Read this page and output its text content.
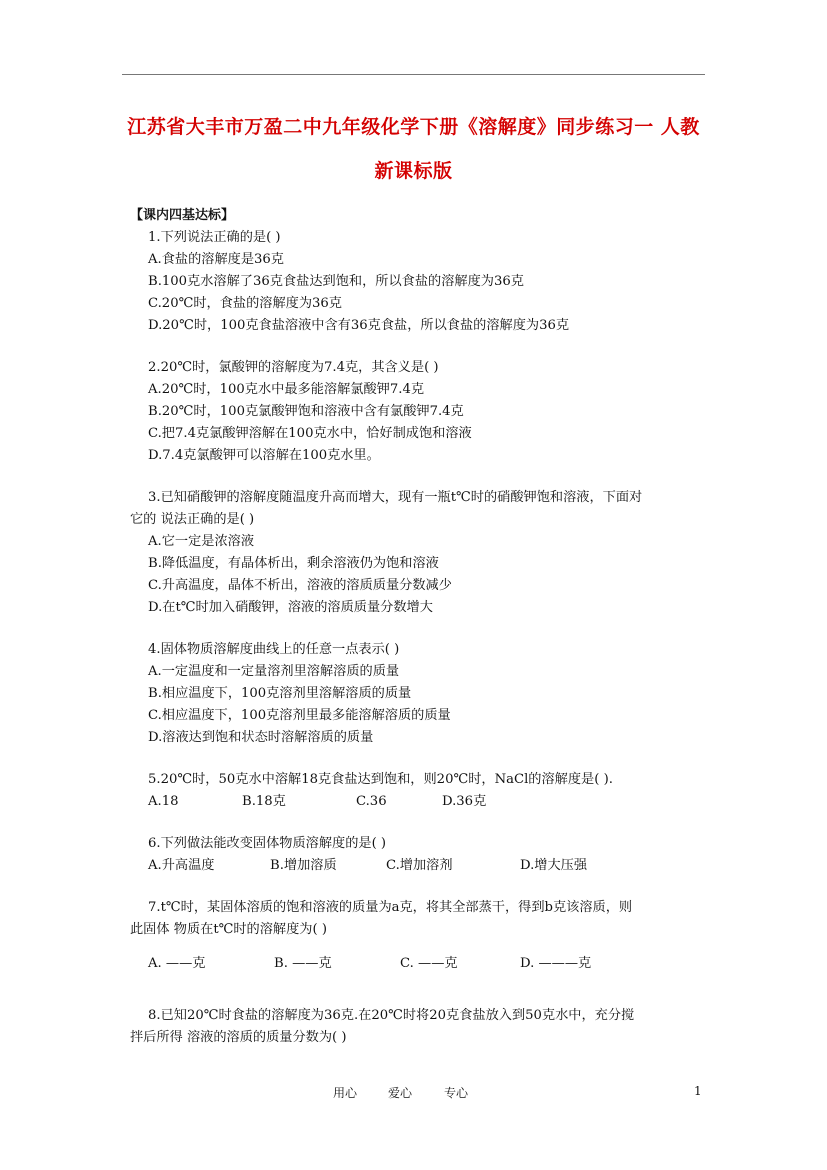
江苏省大丰市万盈二中九年级化学下册《溶解度》同步练习一 人教
新课标版
【课内四基达标】
1.下列说法正确的是( )
A.食盐的溶解度是36克
B.100克水溶解了36克食盐达到饱和，所以食盐的溶解度为36克
C.20℃时，食盐的溶解度为36克
D.20℃时，100克食盐溶液中含有36克食盐，所以食盐的溶解度为36克
2.20℃时，氯酸钾的溶解度为7.4克，其含义是( )
A.20℃时，100克水中最多能溶解氯酸钾7.4克
B.20℃时，100克氯酸钾饱和溶液中含有氯酸钾7.4克
C.把7.4克氯酸钾溶解在100克水中，恰好制成饱和溶液
D.7.4克氯酸钾可以溶解在100克水里。
3.已知硝酸钾的溶解度随温度升高而增大，现有一瓶t℃时的硝酸钾饱和溶液，下面对
它的 说法正确的是( )
A.它一定是浓溶液
B.降低温度，有晶体析出，剩余溶液仍为饱和溶液
C.升高温度，晶体不析出，溶液的溶质质量分数减少
D.在t℃时加入硝酸钾，溶液的溶质质量分数增大
4.固体物质溶解度曲线上的任意一点表示( )
A.一定温度和一定量溶剂里溶解溶质的质量
B.相应温度下，100克溶剂里溶解溶质的质量
C.相应温度下，100克溶剂里最多能溶解溶质的质量
D.溶液达到饱和状态时溶解溶质的质量
5.20℃时，50克水中溶解18克食盐达到饱和，则20℃时，NaCl的溶解度是( ).
A.18	B.18克	C.36	D.36克
6.下列做法能改变固体物质溶解度的是( )
A.升高温度	B.增加溶质	C.增加溶剂	D.增大压强
7.t℃时，某固体溶质的饱和溶液的质量为a克，将其全部蒸干，得到b克该溶质，则
此固体 物质在t℃时的溶解度为( )
A. ——克	B. ——克	C. ——克	D. ———克
8.已知20℃时食盐的溶解度为36克.在20℃时将20克食盐放入到50克水中，充分搅
拌后所得 溶液的溶质的质量分数为( )
用心	爱心	专心	1
